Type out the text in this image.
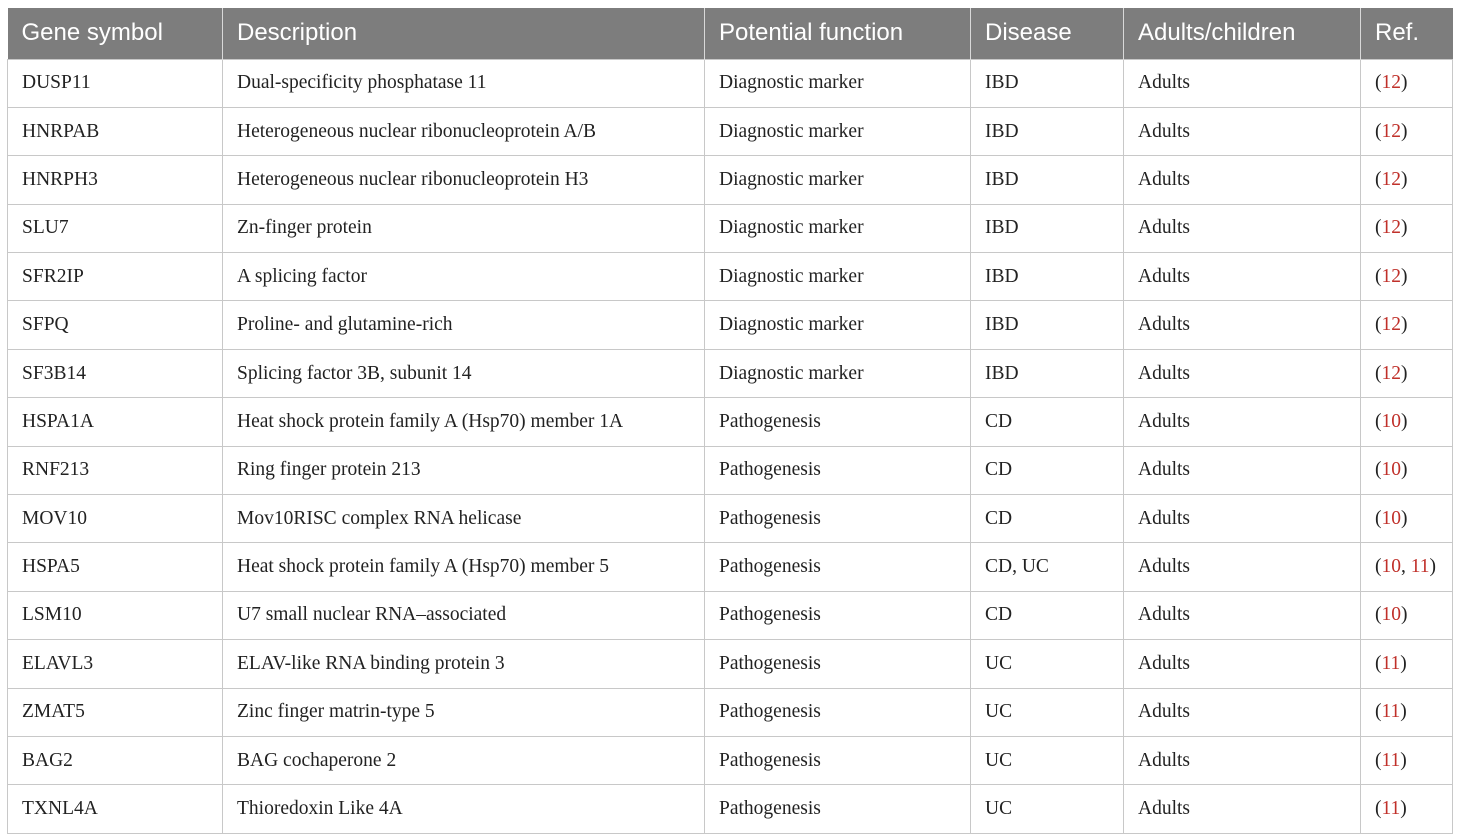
Gene symbol	Description	Potential function	Disease	Adults/children	Ref.
DUSP11	Dual-specificity phosphatase 11	Diagnostic marker	IBD	Adults	(12)
HNRPAB	Heterogeneous nuclear ribonucleoprotein A/B	Diagnostic marker	IBD	Adults	(12)
HNRPH3	Heterogeneous nuclear ribonucleoprotein H3	Diagnostic marker	IBD	Adults	(12)
SLU7	Zn-finger protein	Diagnostic marker	IBD	Adults	(12)
SFR2IP	A splicing factor	Diagnostic marker	IBD	Adults	(12)
SFPQ	Proline- and glutamine-rich	Diagnostic marker	IBD	Adults	(12)
SF3B14	Splicing factor 3B, subunit 14	Diagnostic marker	IBD	Adults	(12)
HSPA1A	Heat shock protein family A (Hsp70) member 1A	Pathogenesis	CD	Adults	(10)
RNF213	Ring finger protein 213	Pathogenesis	CD	Adults	(10)
MOV10	Mov10RISC complex RNA helicase	Pathogenesis	CD	Adults	(10)
HSPA5	Heat shock protein family A (Hsp70) member 5	Pathogenesis	CD, UC	Adults	(10, 11)
LSM10	U7 small nuclear RNA–associated	Pathogenesis	CD	Adults	(10)
ELAVL3	ELAV-like RNA binding protein 3	Pathogenesis	UC	Adults	(11)
ZMAT5	Zinc finger matrin-type 5	Pathogenesis	UC	Adults	(11)
BAG2	BAG cochaperone 2	Pathogenesis	UC	Adults	(11)
TXNL4A	Thioredoxin Like 4A	Pathogenesis	UC	Adults	(11)
